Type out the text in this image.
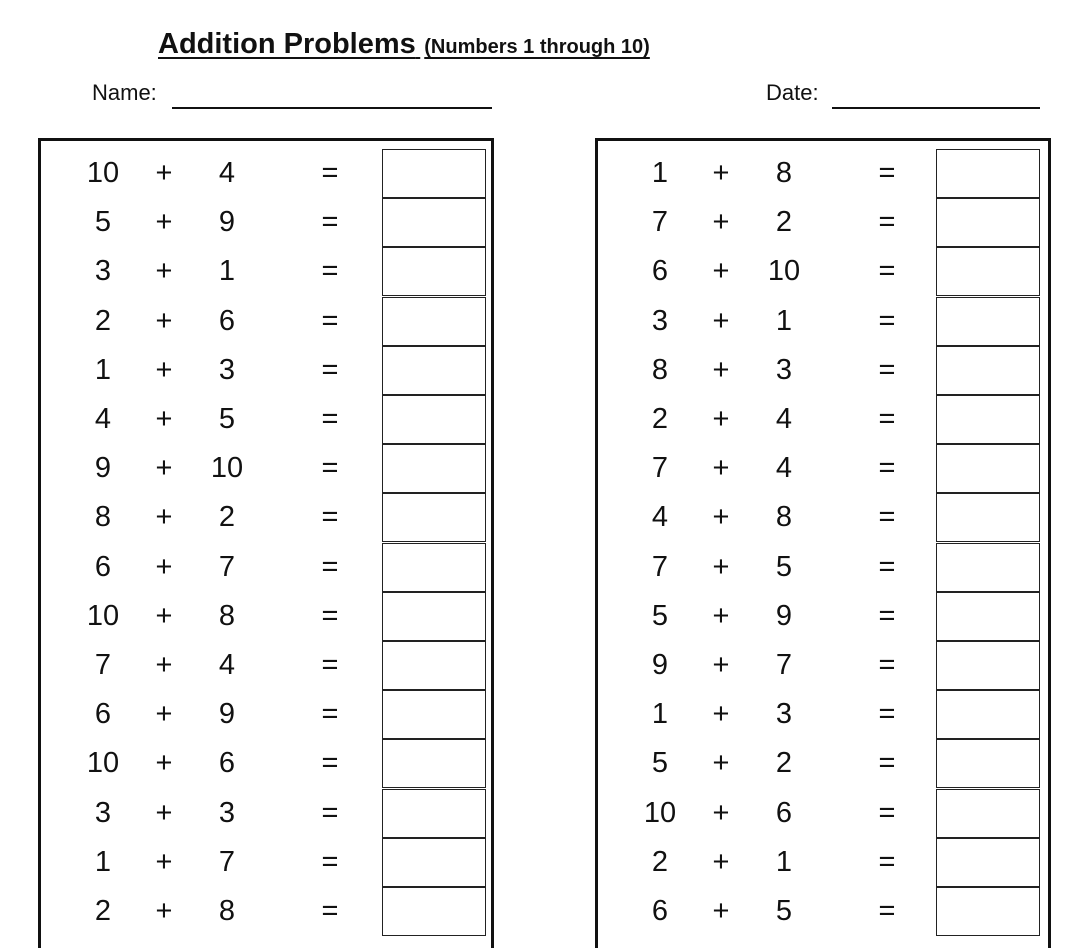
Addition Problems (Numbers 1 through 10)
Name:	Date:
10	+	4	=
5	+	9	=
3	+	1	=
2	+	6	=
1	+	3	=
4	+	5	=
9	+	10	=
8	+	2	=
6	+	7	=
10	+	8	=
7	+	4	=
6	+	9	=
10	+	6	=
3	+	3	=
1	+	7	=
2	+	8	=
1	+	8	=
7	+	2	=
6	+	10	=
3	+	1	=
8	+	3	=
2	+	4	=
7	+	4	=
4	+	8	=
7	+	5	=
5	+	9	=
9	+	7	=
1	+	3	=
5	+	2	=
10	+	6	=
2	+	1	=
6	+	5	=
